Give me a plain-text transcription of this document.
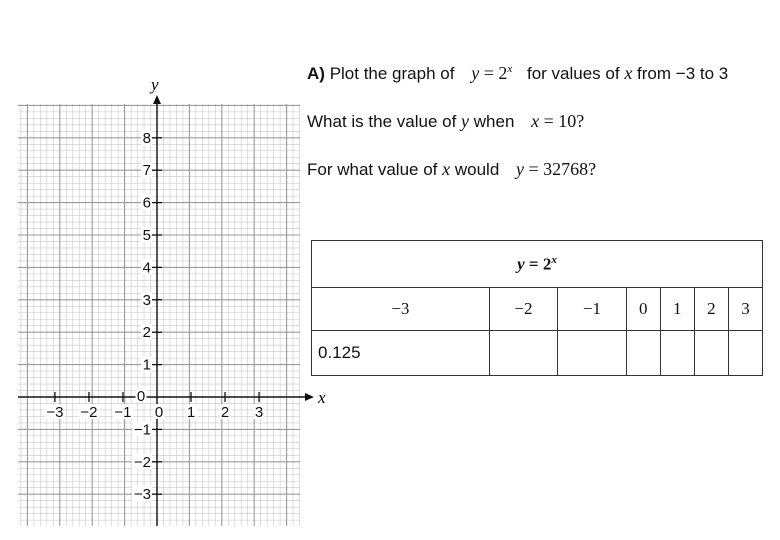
x
y
−3 −2 −1	1 2 3
8
7
6
5
4
3
2
1
−1
−2
−3
0
0
A) Plot the graph of $y = 2^x$ for values of x from −3 to 3
What is the value of y when x = 10?
For what value of x would y = 32768?
$y = 2^x$
−3	−2	−1	0	1	2	3
0.125						
